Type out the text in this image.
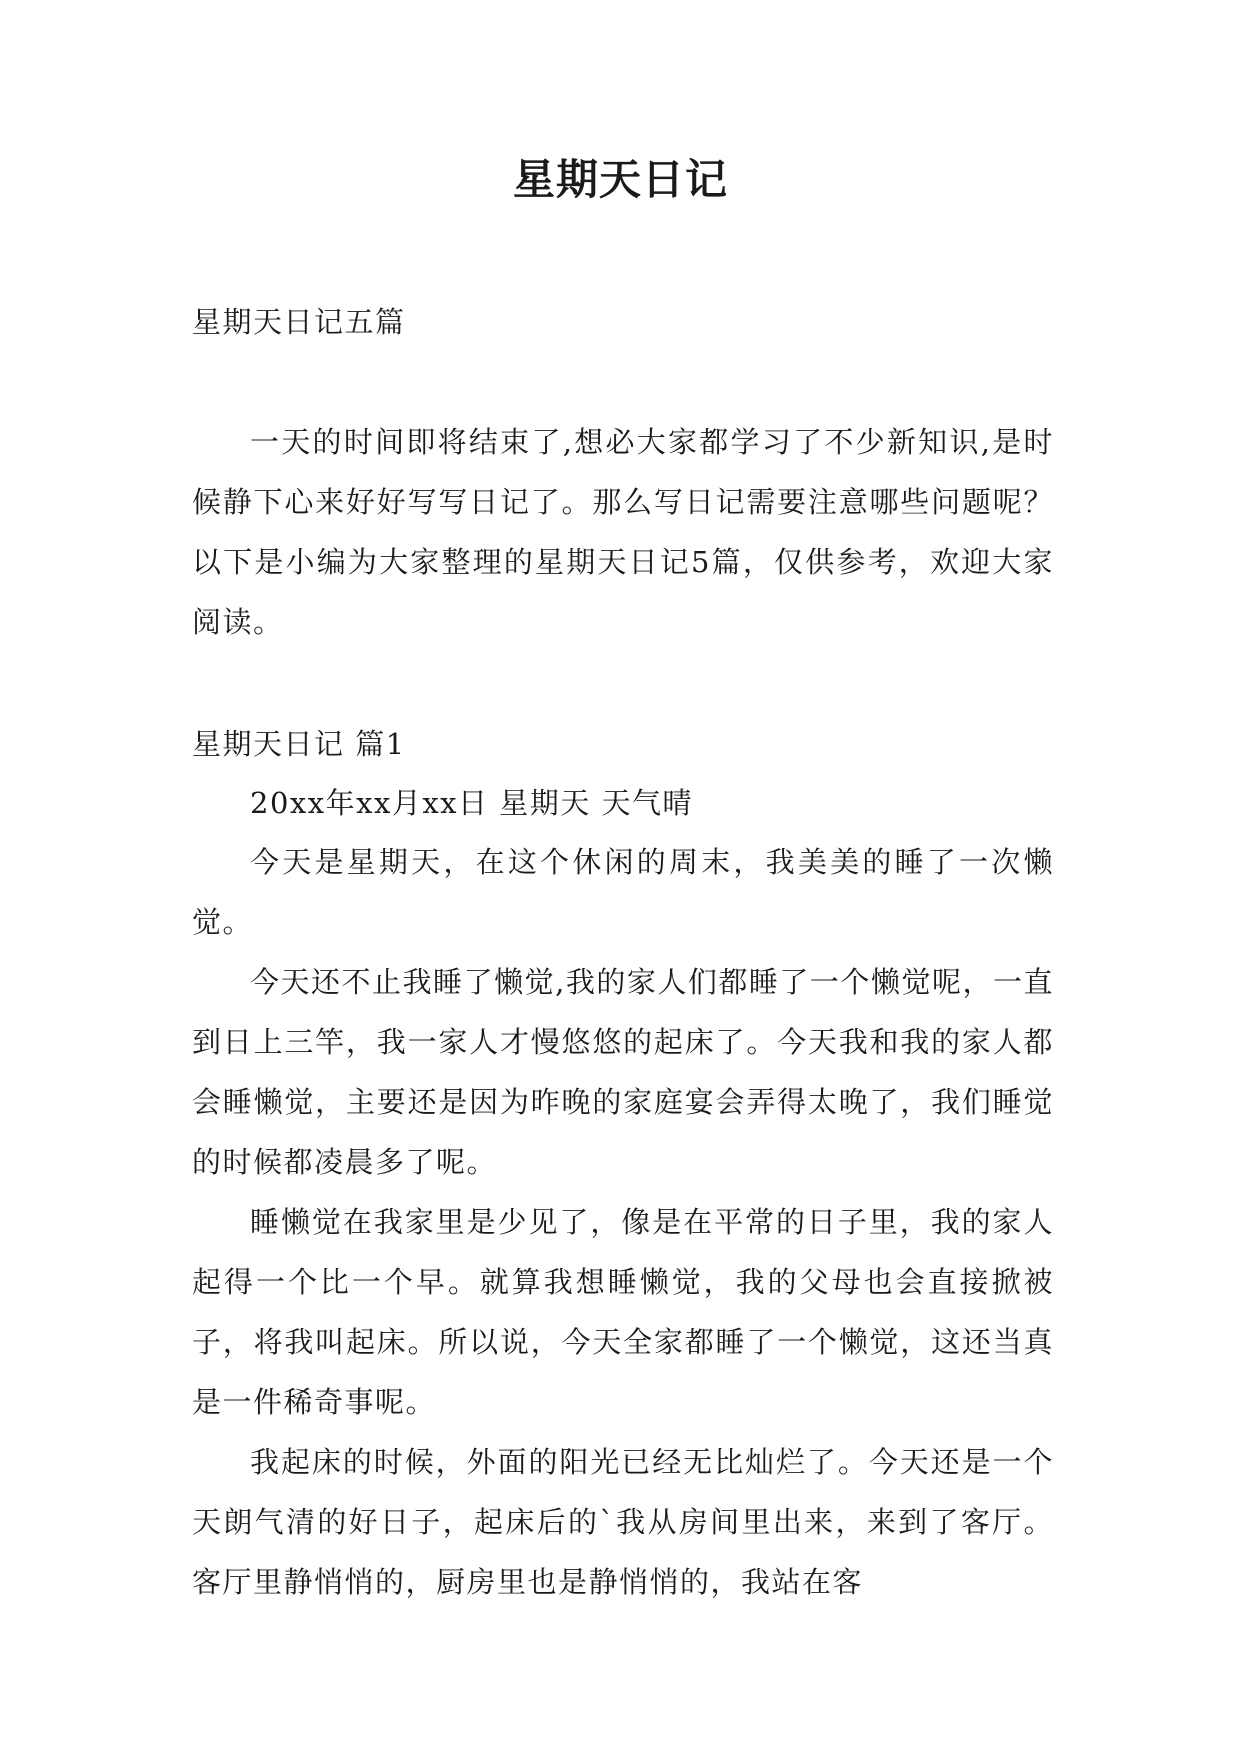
星期天日记

星期天日记五篇

一天的时间即将结束了,想必大家都学习了不少新知识,是时候静下心来好好写写日记了。那么写日记需要注意哪些问题呢？以下是小编为大家整理的星期天日记5篇，仅供参考，欢迎大家阅读。

星期天日记 篇1

20xx年xx月xx日 星期天 天气晴

今天是星期天，在这个休闲的周末，我美美的睡了一次懒觉。

今天还不止我睡了懒觉,我的家人们都睡了一个懒觉呢，一直到日上三竿，我一家人才慢悠悠的起床了。今天我和我的家人都会睡懒觉，主要还是因为昨晚的家庭宴会弄得太晚了，我们睡觉的时候都凌晨多了呢。

睡懒觉在我家里是少见了，像是在平常的日子里，我的家人起得一个比一个早。就算我想睡懒觉，我的父母也会直接掀被子，将我叫起床。所以说，今天全家都睡了一个懒觉，这还当真是一件稀奇事呢。

我起床的时候，外面的阳光已经无比灿烂了。今天还是一个天朗气清的好日子，起床后的`我从房间里出来，来到了客厅。客厅里静悄悄的，厨房里也是静悄悄的，我站在客
